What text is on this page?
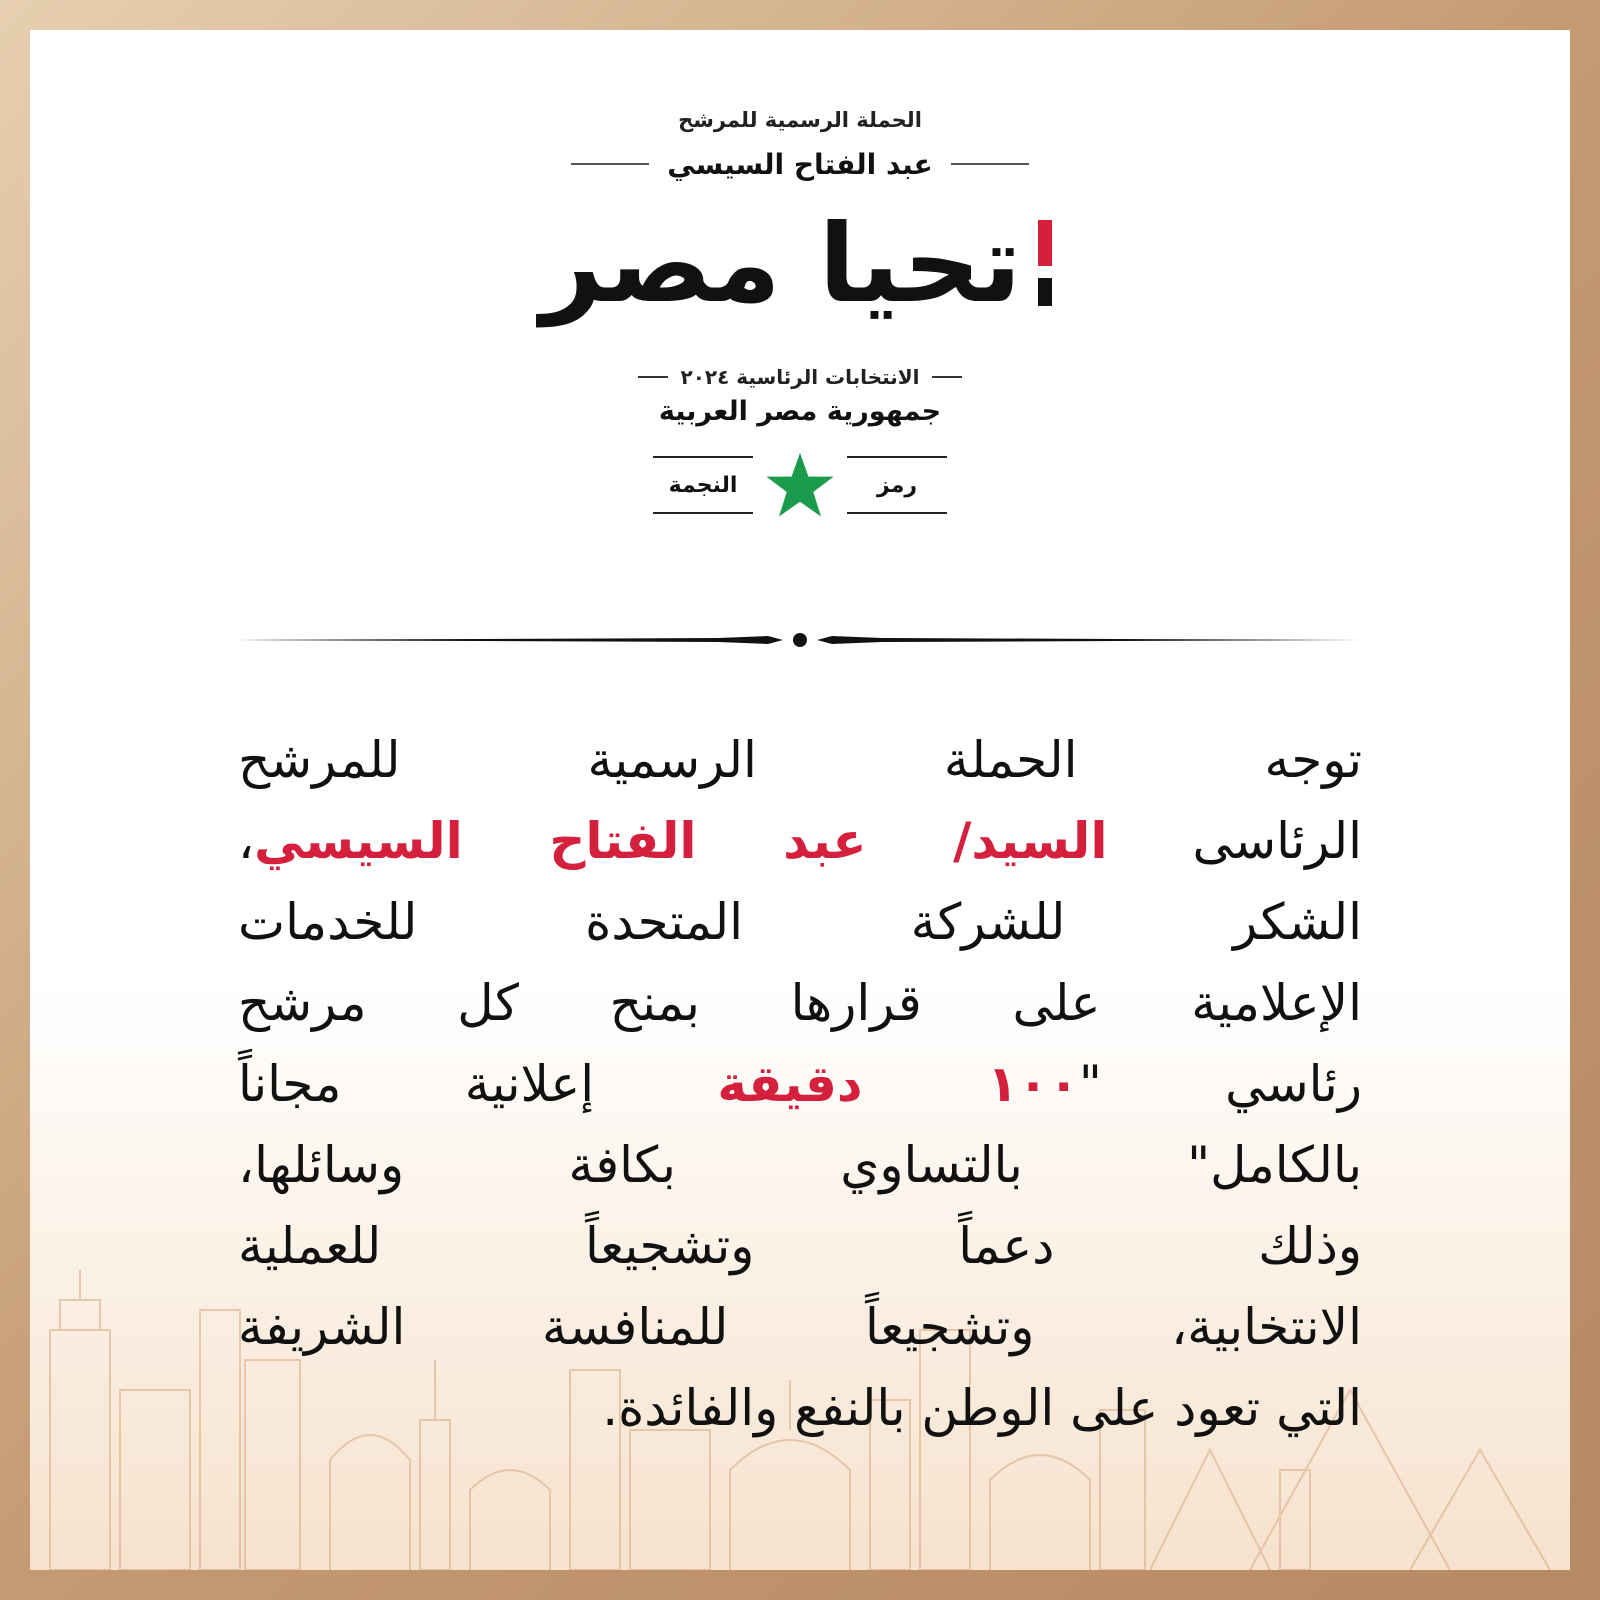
الحملة الرسمية للمرشح
عبد الفتاح السيسي
تحيا مصر
الانتخابات الرئاسية ٢٠٢٤
جمهورية مصر العربية
النجمة	رمز
توجه الحملة الرسمية للمرشح
الرئاسى السيد/ عبد الفتاح السيسي،
الشكر للشركة المتحدة للخدمات
الإعلامية على قرارها بمنح كل مرشح
رئاسي "١٠٠ دقيقة إعلانية مجاناً
بالكامل" بالتساوي بكافة وسائلها،
وذلك دعماً وتشجيعاً للعملية
الانتخابية، وتشجيعاً للمنافسة الشريفة
التي تعود على الوطن بالنفع والفائدة.
